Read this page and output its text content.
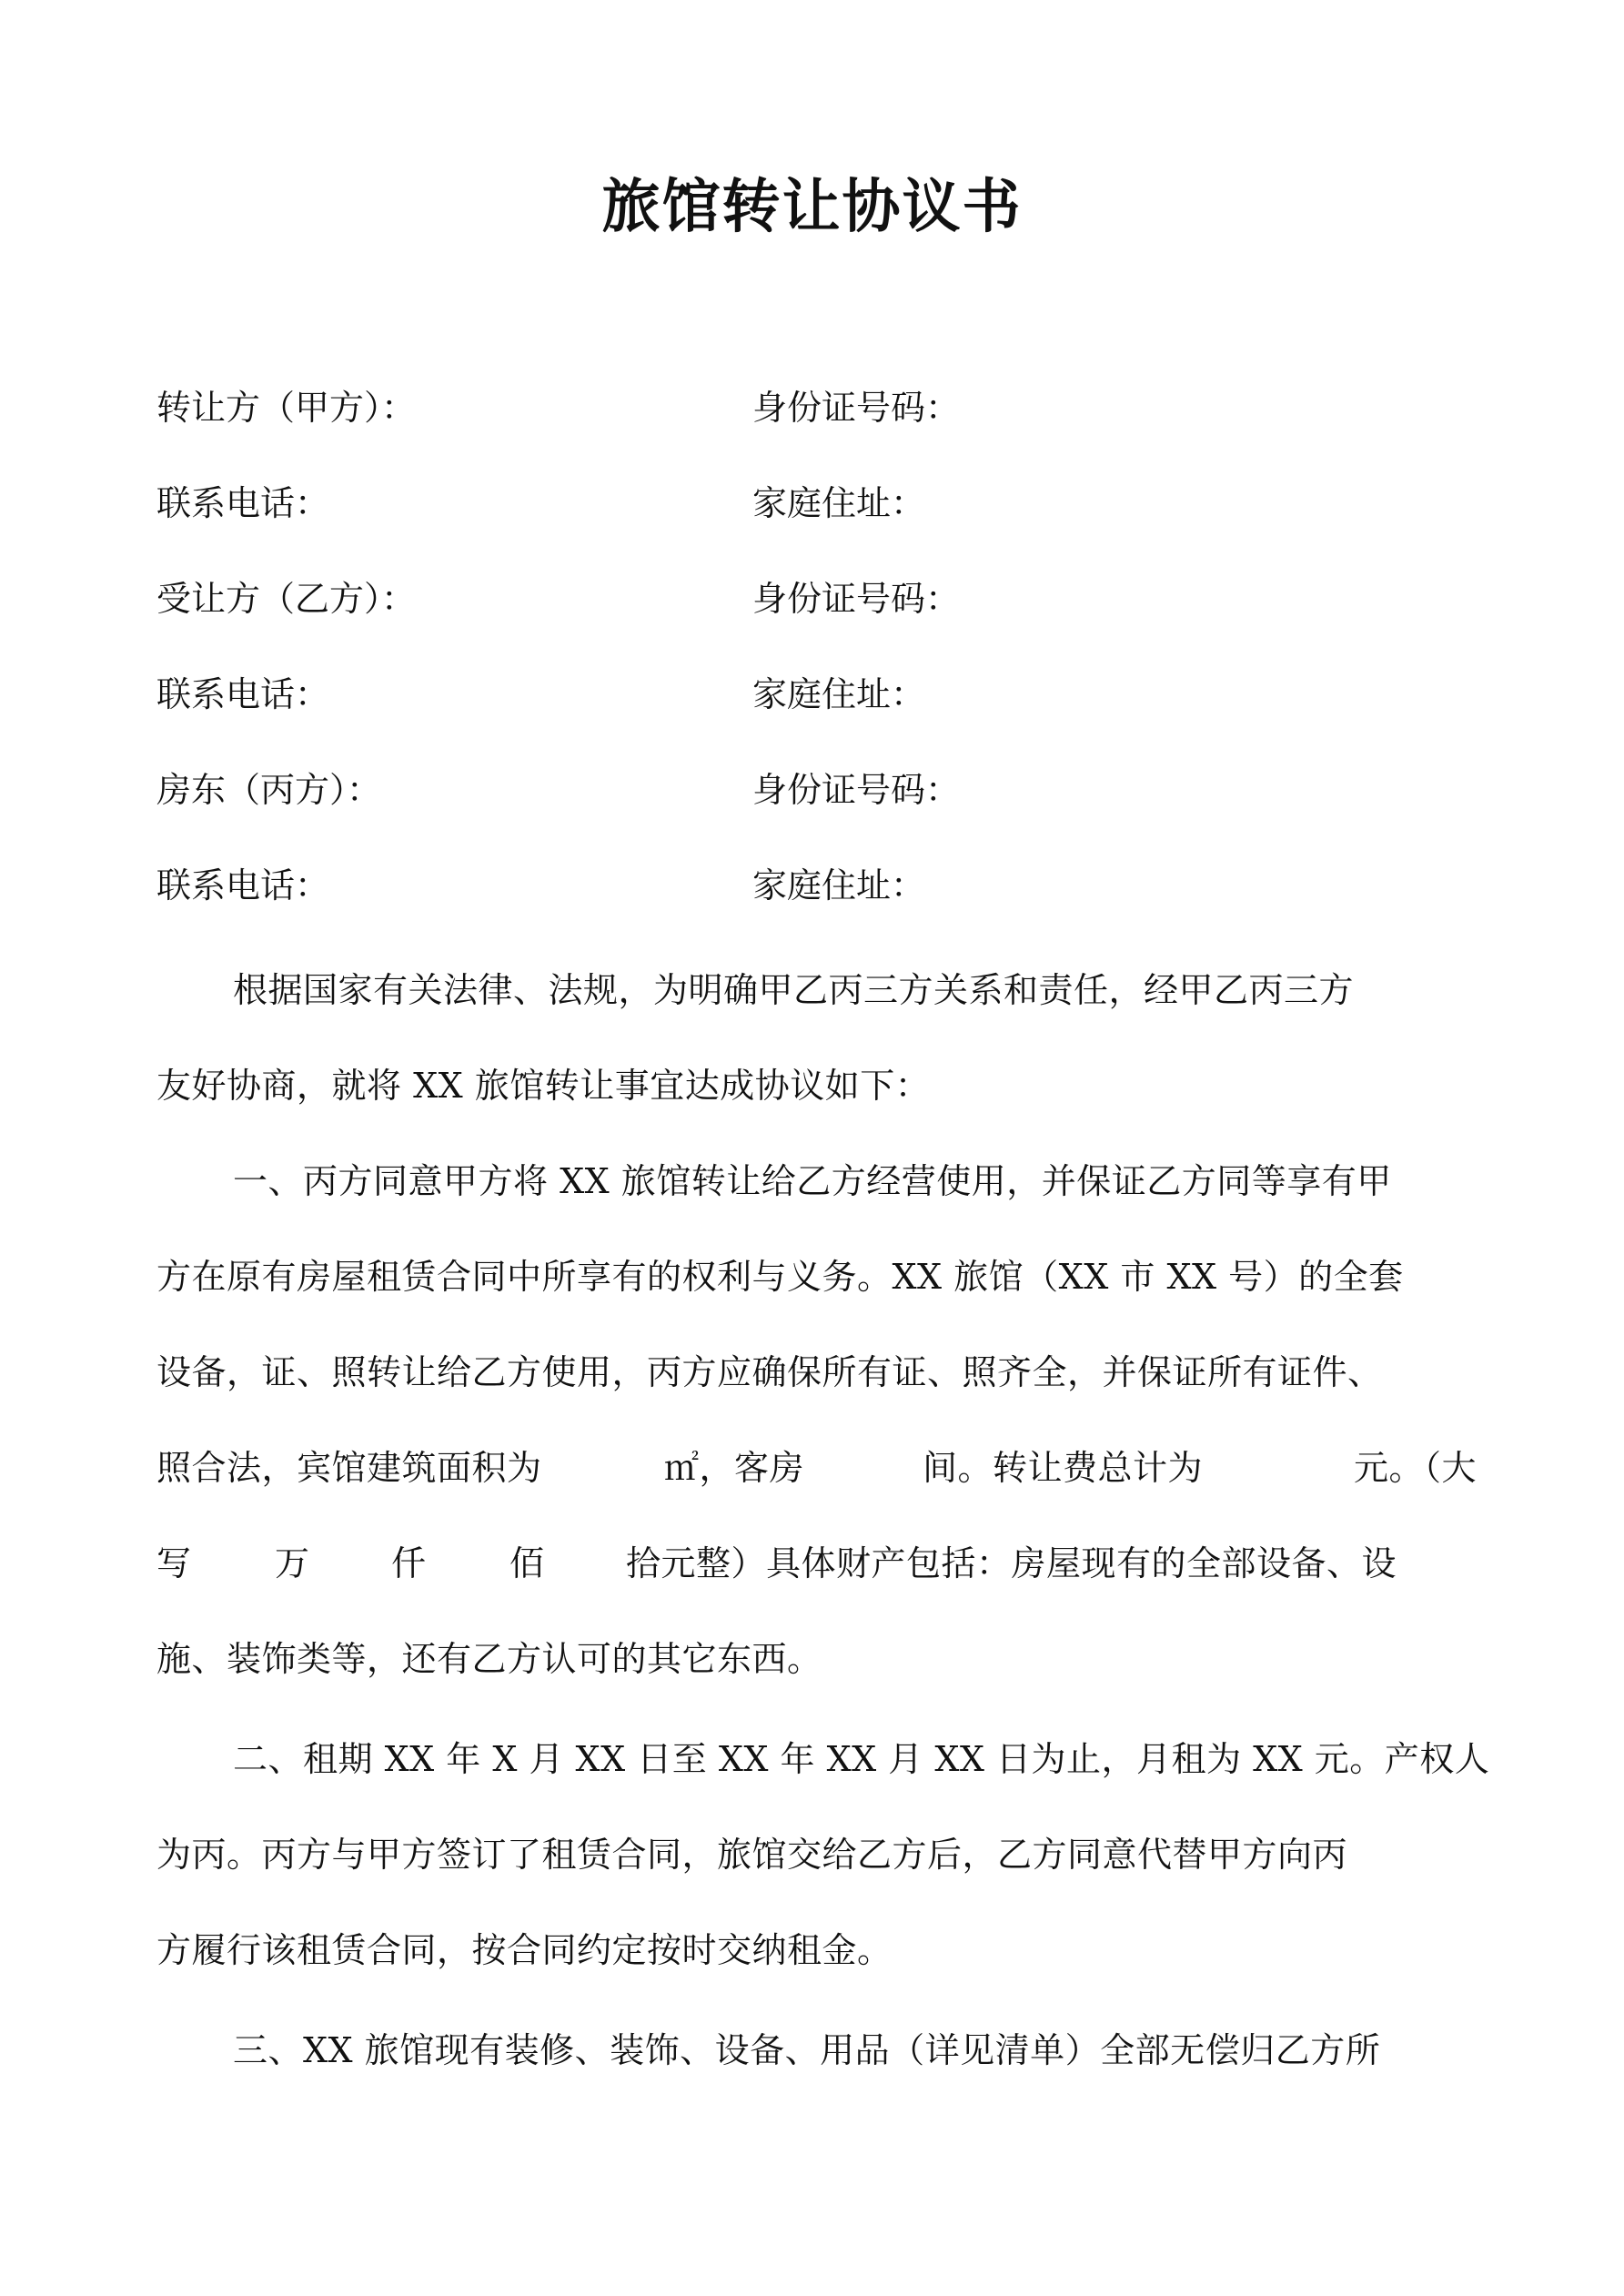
旅馆转让协议书
转让方（甲方）：	身份证号码：
联系电话：	家庭住址：
受让方（乙方）：	身份证号码：
联系电话：	家庭住址：
房东（丙方）：	身份证号码：
联系电话：	家庭住址：
根据国家有关法律、法规，为明确甲乙丙三方关系和责任，经甲乙丙三方
友好协商，就将 XX 旅馆转让事宜达成协议如下：
一、丙方同意甲方将 XX 旅馆转让给乙方经营使用，并保证乙方同等享有甲
方在原有房屋租赁合同中所享有的权利与义务。XX 旅馆（XX 市 XX 号）的全套
设备，证、照转让给乙方使用，丙方应确保所有证、照齐全，并保证所有证件、
照合法，宾馆建筑面积为	㎡，客房	间。转让费总计为	元。（大
写 万 仟 佰 拾元整）具体财产包括：房屋现有的全部设备、设
施、装饰类等，还有乙方认可的其它东西。
二、租期 XX 年 X 月 XX 日至 XX 年 XX 月 XX 日为止，月租为 XX 元。产权人
为丙。丙方与甲方签订了租赁合同，旅馆交给乙方后，乙方同意代替甲方向丙
方履行该租赁合同，按合同约定按时交纳租金。
三、XX 旅馆现有装修、装饰、设备、用品（详见清单）全部无偿归乙方所
